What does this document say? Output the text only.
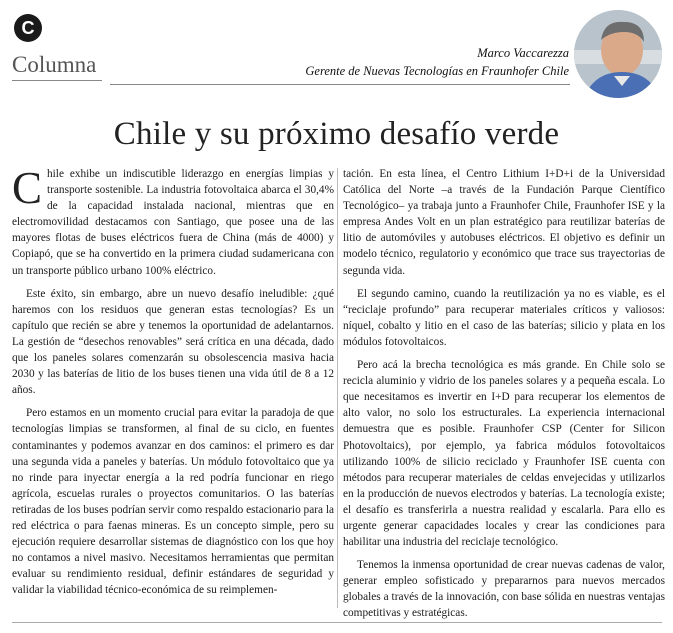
C
Columna	Marco Vaccarezza
Gerente de Nuevas Tecnologías en Fraunhofer Chile
Chile y su próximo desafío verde

Chile exhibe un indiscutible liderazgo en energías limpias y transporte sostenible. La industria fotovoltaica abarca el 30,4% de la capacidad instalada nacional, mientras que en electromovilidad destacamos con Santiago, que posee una de las mayores flotas de buses eléctricos fuera de China (más de 4000) y Copiapó, que se ha convertido en la primera ciudad sudamericana con un transporte público urbano 100% eléctrico.

Este éxito, sin embargo, abre un nuevo desafío ineludible: ¿qué haremos con los residuos que generan estas tecnologías? Es un capítulo que recién se abre y tenemos la oportunidad de adelantarnos. La gestión de “desechos renovables” será crítica en una década, dado que los paneles solares comenzarán su obsolescencia masiva hacia 2030 y las baterías de litio de los buses tienen una vida útil de 8 a 12 años.

Pero estamos en un momento crucial para evitar la paradoja de que tecnologías limpias se transformen, al final de su ciclo, en fuentes contaminantes y podemos avanzar en dos caminos: el primero es dar una segunda vida a paneles y baterías. Un módulo fotovoltaico que ya no rinde para inyectar energía a la red podría funcionar en riego agrícola, escuelas rurales o proyectos comunitarios. O las baterías retiradas de los buses podrían servir como respaldo estacionario para la red eléctrica o para faenas mineras. Es un concepto simple, pero su ejecución requiere desarrollar sistemas de diagnóstico con los que hoy no contamos a nivel masivo. Necesitamos herramientas que permitan evaluar su rendimiento residual, definir estándares de seguridad y validar la viabilidad técnico-económica de su reimplemen-

tación. En esta línea, el Centro Lithium I+D+i de la Universidad Católica del Norte –a través de la Fundación Parque Científico Tecnológico– ya trabaja junto a Fraunhofer Chile, Fraunhofer ISE y la empresa Andes Volt en un plan estratégico para reutilizar baterías de litio de automóviles y autobuses eléctricos. El objetivo es definir un modelo técnico, regulatorio y económico que trace sus trayectorias de segunda vida.

El segundo camino, cuando la reutilización ya no es viable, es el “reciclaje profundo” para recuperar materiales críticos y valiosos: níquel, cobalto y litio en el caso de las baterías; silicio y plata en los módulos fotovoltaicos.

Pero acá la brecha tecnológica es más grande. En Chile solo se recicla aluminio y vidrio de los paneles solares y a pequeña escala. Lo que necesitamos es invertir en I+D para recuperar los elementos de alto valor, no solo los estructurales. La experiencia internacional demuestra que es posible. Fraunhofer CSP (Center for Silicon Photovoltaics), por ejemplo, ya fabrica módulos fotovoltaicos utilizando 100% de silicio reciclado y Fraunhofer ISE cuenta con métodos para recuperar materiales de celdas envejecidas y utilizarlos en la producción de nuevos electrodos y baterías. La tecnología existe; el desafío es transferirla a nuestra realidad y escalarla. Para ello es urgente generar capacidades locales y crear las condiciones para habilitar una industria del reciclaje tecnológico.

Tenemos la inmensa oportunidad de crear nuevas cadenas de valor, generar empleo sofisticado y prepararnos para nuevos mercados globales a través de la innovación, con base sólida en nuestras ventajas competitivas y estratégicas.
